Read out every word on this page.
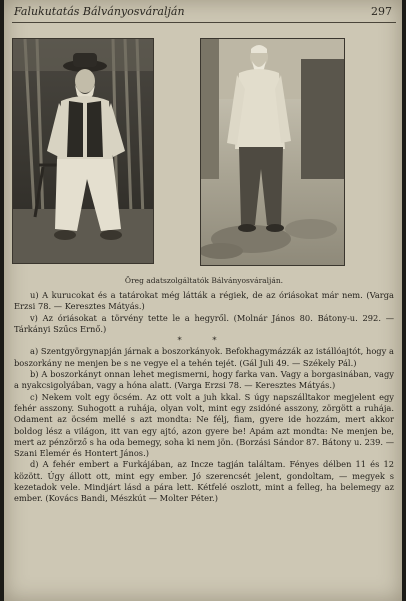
Falukutatás Bálványosváralján	297
Öreg adatszolgáltatók Bálványosváralján.

u) A kurucokat és a tatárokat még látták a régiek, de az óriásokat már nem. (Varga Erzsi 78. — Keresztes Mátyás.)

v) Az óriásokat a törvény tette le a hegyről. (Molnár János 80. Bátony-u. 292. — Tárkányi Szűcs Ernő.)

* *

a) Szentgyörgynapján járnak a boszorkányok. Befokhagymázzák az istállóajtót, hogy a boszorkány ne menjen be s ne vegye el a tehén tejét. (Gál Juli 49. — Székely Pál.)

b) A boszorkányt onnan lehet megismerni, hogy farka van. Vagy a borgasinában, vagy a nyakcsigolyában, vagy a hóna alatt. (Varga Erzsi 78. — Keresztes Mátyás.)

c) Nekem volt egy öcsém. Az ott volt a juh kkal. S úgy napszálltakor megjelent egy fehér asszony. Suhogott a ruhája, olyan volt, mint egy zsidóné asszony, zörgött a ruhája. Odament az öcsém mellé s azt mondta: Ne félj, fiam, gyere ide hozzám, mert akkor boldog lész a világon, itt van egy ajtó, azon gyere be! Apám azt mondta: Ne menjen be, mert az pénzörző s ha oda bemegy, soha ki nem jön. (Borzási Sándor 87. Bátony u. 239. — Szani Elemér és Hontert János.)

d) A fehér embert a Furkájában, az Incze tagján találtam. Fényes délben 11 és 12 között. Úgy állott ott, mint egy ember. Jó szerencsét jelent, gondoltam, — megyek s kezetadok vele. Mindjárt lásd a pára lett. Kétfelé oszlott, mint a felleg, ha belemegy az ember. (Kovács Bandi, Mészkút — Molter Péter.)
